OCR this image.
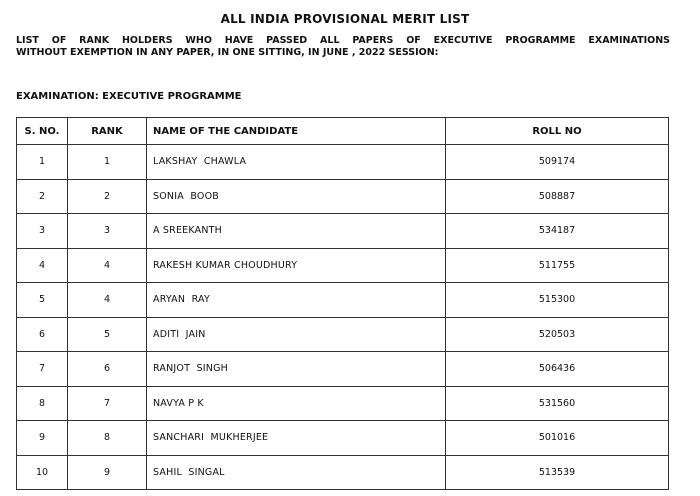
ALL INDIA PROVISIONAL MERIT LIST
LIST OF RANK HOLDERS WHO HAVE PASSED ALL PAPERS OF EXECUTIVE PROGRAMME EXAMINATIONS
WITHOUT EXEMPTION IN ANY PAPER, IN ONE SITTING, IN JUNE , 2022 SESSION:
EXAMINATION: EXECUTIVE PROGRAMME
S. NO.	RANK	NAME OF THE CANDIDATE	ROLL NO
1	1	LAKSHAY  CHAWLA	509174
2	2	SONIA  BOOB	508887
3	3	A SREEKANTH	534187
4	4	RAKESH KUMAR CHOUDHURY	511755
5	4	ARYAN  RAY	515300
6	5	ADITI  JAIN	520503
7	6	RANJOT  SINGH	506436
8	7	NAVYA P K	531560
9	8	SANCHARI  MUKHERJEE	501016
10	9	SAHIL  SINGAL	513539
